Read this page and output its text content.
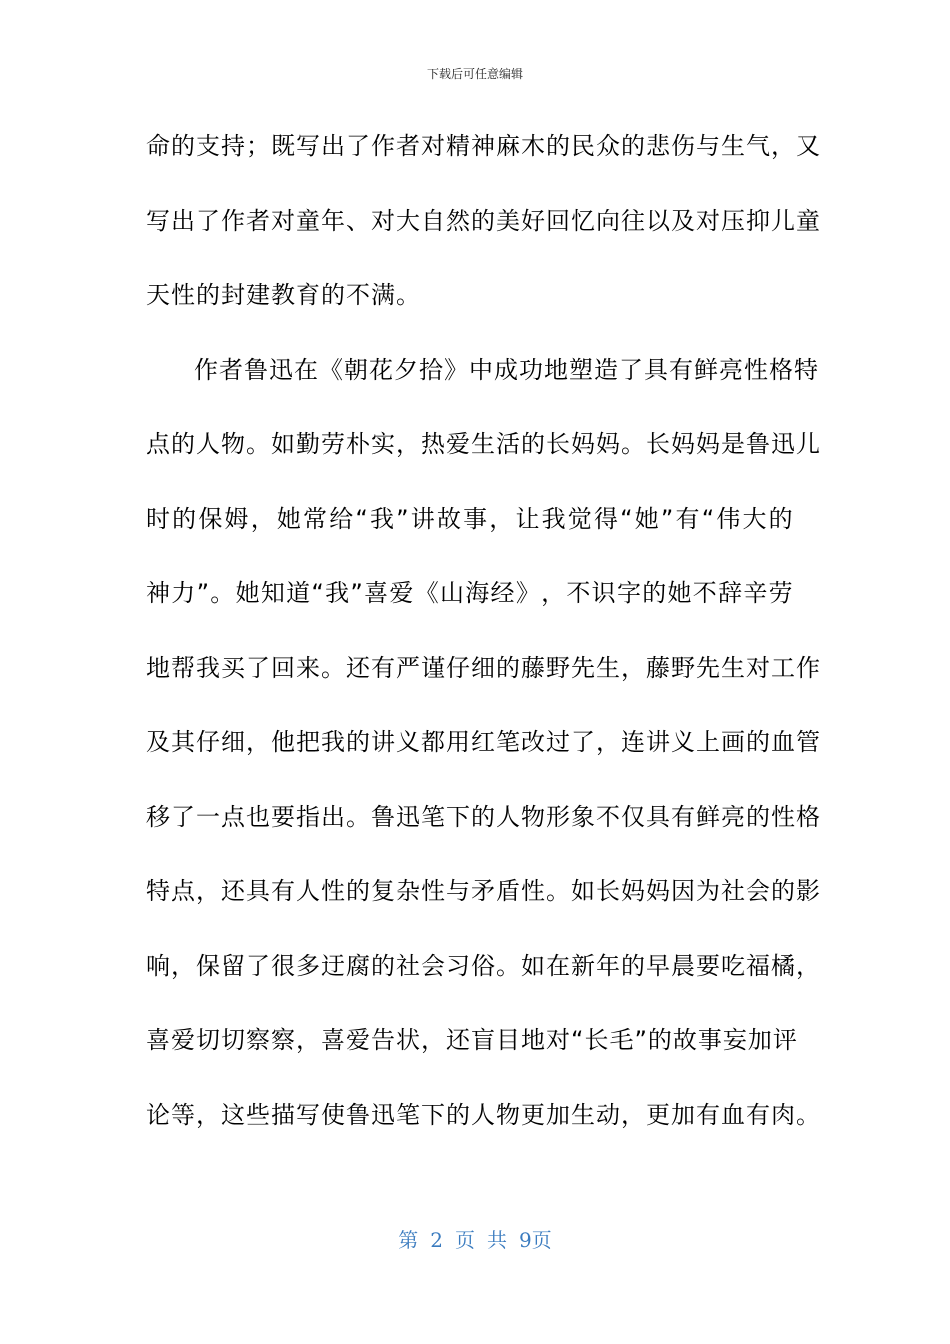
下载后可任意编辑
命 的 支 持 ； 既 写 出 了 作 者 对 精 神 麻 木 的 民 众 的 悲 伤 与 生 气 ， 又
写 出 了 作 者 对 童 年 、 对 大 自 然 的 美 好 回 忆 向 往 以 及 对 压 抑 儿 童
天性的封建教育的不满。
作 者 鲁 迅 在 《 朝 花 夕 拾 》 中 成 功 地 塑 造 了 具 有 鲜 亮 性 格 特
点 的 人 物 。 如 勤 劳 朴 实 ， 热 爱 生 活 的 长 妈 妈 。 长 妈 妈 是 鲁 迅 儿
时 的 保 姆 ， 她 常 给 “ 我 ” 讲 故 事 ， 让 我 觉 得 “ 她 ” 有 “ 伟 大 的
神 力 ” 。 她 知 道 “ 我 ” 喜 爱 《 山 海 经 》 ， 不 识 字 的 她 不 辞 辛 劳
地 帮 我 买 了 回 来 。 还 有 严 谨 仔 细 的 藤 野 先 生 ， 藤 野 先 生 对 工 作
及 其 仔 细 ， 他 把 我 的 讲 义 都 用 红 笔 改 过 了 ， 连 讲 义 上 画 的 血 管
移 了 一 点 也 要 指 出 。 鲁 迅 笔 下 的 人 物 形 象 不 仅 具 有 鲜 亮 的 性 格
特 点 ， 还 具 有 人 性 的 复 杂 性 与 矛 盾 性 。 如 长 妈 妈 因 为 社 会 的 影
响 ， 保 留 了 很 多 迂 腐 的 社 会 习 俗 。 如 在 新 年 的 早 晨 要 吃 福 橘 ，
喜 爱 切 切 察 察 ， 喜 爱 告 状 ， 还 盲 目 地 对 “ 长 毛 ” 的 故 事 妄 加 评
论等，这些描写使鲁迅笔下的人物更加生动，更加有血有肉。
第 2 页 共 9页
